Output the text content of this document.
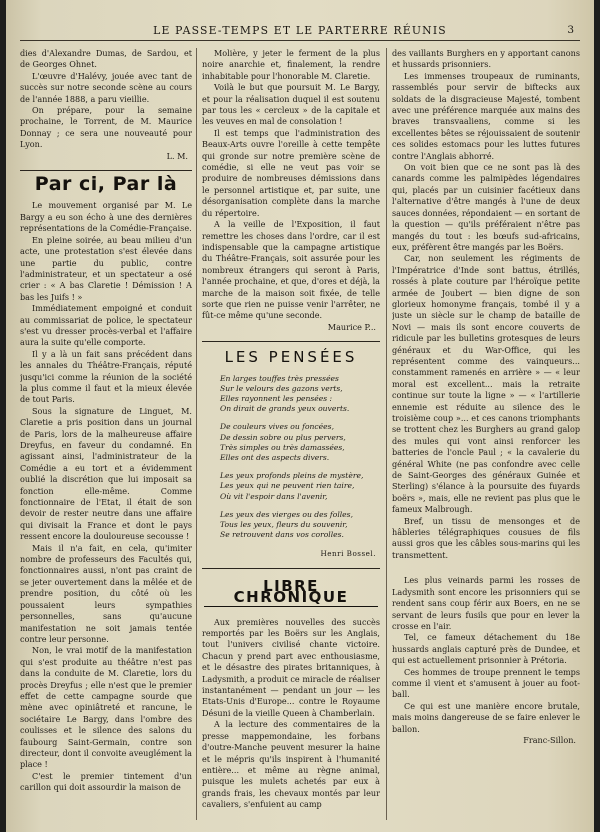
LE PASSE-TEMPS ET LE PARTERRE RÉUNIS	3

dies d'Alexandre Dumas, de Sardou, et de Georges Ohnet.

L'œuvre d'Halévy, jouée avec tant de succès sur notre seconde scène au cours de l'année 1888, a paru vieillie.

On prépare, pour la semaine prochaine, le Torrent, de M. Maurice Donnay ; ce sera une nouveauté pour Lyon.

L. M.
Par ci, Par là

Le mouvement organisé par M. Le Bargy a eu son écho à une des dernières représentations de la Comédie-Française.

En pleine soirée, au beau milieu d'un acte, une protestation s'est élevée dans une partie du public, contre l'administrateur, et un spectateur a osé crier : « A bas Claretie ! Démission ! A bas les Juifs ! »

Immédiatement empoigné et conduit au commissariat de police, le spectateur s'est vu dresser procès-verbal et l'affaire aura la suite qu'elle comporte.

Il y a là un fait sans précédent dans les annales du Théâtre-Français, réputé jusqu'ici comme la réunion de la société la plus comme il faut et la mieux élevée de tout Paris.

Sous la signature de Linguet, M. Claretie a pris position dans un journal de Paris, lors de la malheureuse affaire Dreyfus, en faveur du condamné. En agissant ainsi, l'administrateur de la Comédie a eu tort et a évidemment oublié la discrétion que lui imposait sa fonction elle-même. Comme fonctionnaire de l'Etat, il était de son devoir de rester neutre dans une affaire qui divisait la France et dont le pays ressent encore la douloureuse secousse !

Mais il n'a fait, en cela, qu'imiter nombre de professeurs des Facultés qui, fonctionnaires aussi, n'ont pas craint de se jeter ouvertement dans la mêlée et de prendre position, du côté où les poussaient leurs sympathies personnelles, sans qu'aucune manifestation ne soit jamais tentée contre leur personne.

Non, le vrai motif de la manifestation qui s'est produite au théâtre n'est pas dans la conduite de M. Claretie, lors du procès Dreyfus ; elle n'est que le premier effet de cette campagne sourde que mène avec opiniâtreté et rancune, le sociétaire Le Bargy, dans l'ombre des coulisses et le silence des salons du faubourg Saint-Germain, contre son directeur, dont il convoite aveuglément la place !

C'est le premier tintement d'un carillon qui doit assourdir la maison de

Molière, y jeter le ferment de la plus noire anarchie et, finalement, la rendre inhabitable pour l'honorable M. Claretie.

Voilà le but que poursuit M. Le Bargy, et pour la réalisation duquel il est soutenu par tous les « cercleux » de la capitale et les veuves en mal de consolation !

Il est temps que l'administration des Beaux-Arts ouvre l'oreille à cette tempête qui gronde sur notre première scène de comédie, si elle ne veut pas voir se produire de nombreuses démissions dans le personnel artistique et, par suite, une désorganisation complète dans la marche du répertoire.

A la veille de l'Exposition, il faut remettre les choses dans l'ordre, car il est indispensable que la campagne artistique du Théâtre-Français, soit assurée pour les nombreux étrangers qui seront à Paris, l'année prochaine, et que, d'ores et déjà, la marche de la maison soit fixée, de telle sorte que rien ne puisse venir l'arrêter, ne fût-ce même qu'une seconde.

Maurice P...
LES PENSÉES
En larges touffes très pressées
Sur le velours des gazons verts,
Elles rayonnent les pensées :
On dirait de grands yeux ouverts.
De couleurs vives ou foncées,
De dessin sobre ou plus pervers,
Très simples ou très damassées,
Elles ont des aspects divers.
Les yeux profonds pleins de mystère,
Les yeux qui ne peuvent rien taire,
Où vit l'espoir dans l'avenir,
Les yeux des vierges ou des folles,
Tous les yeux, fleurs du souvenir,
Se retrouvent dans vos corolles.
Henri Bossel.
LIBRE CHRONIQUE

Aux premières nouvelles des succès remportés par les Boërs sur les Anglais, tout l'univers civilisé chante victoire. Chacun y prend part avec enthousiasme, et le désastre des pirates britanniques, à Ladysmith, a produit ce miracle de réaliser instantanément — pendant un jour — les Etats-Unis d'Europe... contre le Royaume Désuni de la vieille Queen à Chamberlain.

A la lecture des commentaires de la presse mappemondaine, les forbans d'outre-Manche peuvent mesurer la haine et le mépris qu'ils inspirent à l'humanité entière... et même au règne animal, puisque les mulets achetés par eux à grands frais, les chevaux montés par leur cavaliers, s'enfuient au camp

des vaillants Burghers en y apportant canons et hussards prisonniers.

Les immenses troupeaux de ruminants, rassemblés pour servir de biftecks aux soldats de la disgracieuse Majesté, tombent avec une préférence marquée aux mains des braves transvaaliens, comme si les excellentes bêtes se réjouissaient de soutenir ces solides estomacs pour les luttes futures contre l'Anglais abhorré.

On voit bien que ce ne sont pas là des canards comme les palmipèdes légendaires qui, placés par un cuisinier facétieux dans l'alternative d'être mangés à l'une de deux sauces données, répondaient — en sortant de la question — qu'ils préféraient n'être pas mangés du tout : les bœufs sud-africains, eux, préfèrent être mangés par les Boërs.

Car, non seulement les régiments de l'Impératrice d'Inde sont battus, étrillés, rossés à plate couture par l'héroïque petite armée de Joubert — bien digne de son glorieux homonyme français, tombé il y a juste un siècle sur le champ de bataille de Novi — mais ils sont encore couverts de ridicule par les bulletins grotesques de leurs généraux et du War-Office, qui les représentent comme des vainqueurs... constamment ramenés en arrière » — « leur moral est excellent... mais la retraite continue sur toute la ligne » — « l'artillerie ennemie est réduite au silence des le troisième coup »... et ces canons triomphants se trottent chez les Burghers au grand galop des mules qui vont ainsi renforcer les batteries de l'oncle Paul ; « la cavalerie du général White (ne pas confondre avec celle de Saint-Georges des généraux Guinée et Sterling) s'élance à la poursuite des fuyards boërs », mais, elle ne revient pas plus que le fameux Malbrough.

Bref, un tissu de mensonges et de hâbleries télégraphiques cousues de fils aussi gros que les câbles sous-marins qui les transmettent.

Les plus veinards parmi les rosses de Ladysmith sont encore les prisonniers qui se rendent sans coup férir aux Boers, en ne se servant de leurs fusils que pour en lever la crosse en l'air.

Tel, ce fameux détachement du 18e hussards anglais capturé près de Dundee, et qui est actuellement prisonnier à Prétoria.

Ces hommes de troupe prennent le temps comme il vient et s'amusent à jouer au foot-ball.

Ce qui est une manière encore brutale, mais moins dangereuse de se faire enlever le ballon.

Franc-Sillon.
